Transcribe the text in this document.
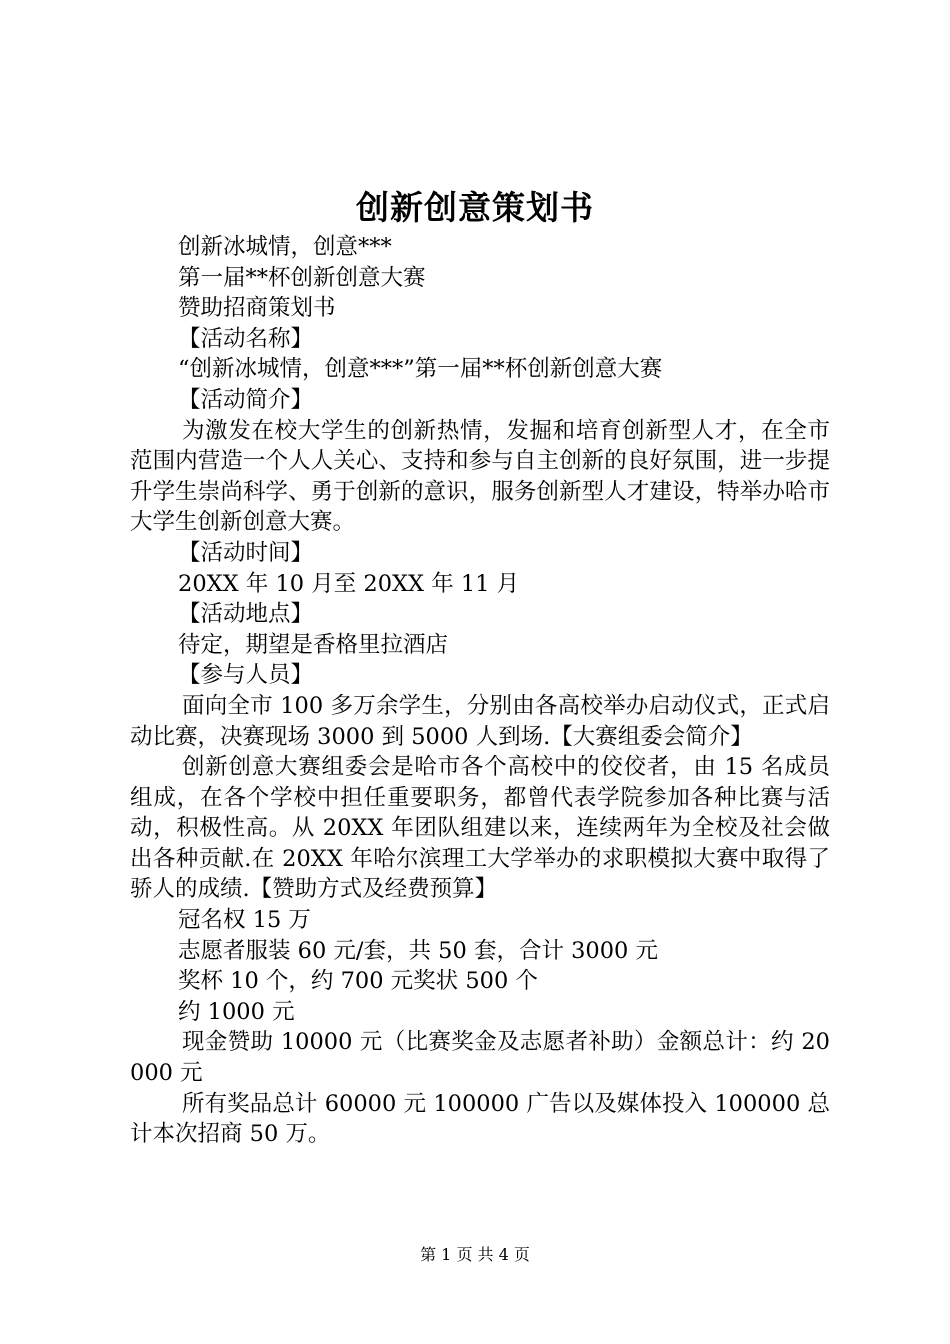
创新创意策划书
创新冰城情，创意***
第一届**杯创新创意大赛
赞助招商策划书
【活动名称】
“创新冰城情，创意***”第一届**杯创新创意大赛
【活动简介】
为激发在校大学生的创新热情，发掘和培育创新型人才，在全市范围内营造一个人人关心、支持和参与自主创新的良好氛围，进一步提升学生崇尚科学、勇于创新的意识，服务创新型人才建设，特举办哈市大学生创新创意大赛。
【活动时间】
20XX 年 10 月至 20XX 年 11 月
【活动地点】
待定，期望是香格里拉酒店
【参与人员】
面向全市 100 多万余学生，分别由各高校举办启动仪式，正式启动比赛，决赛现场 3000 到 5000 人到场.【大赛组委会简介】
创新创意大赛组委会是哈市各个高校中的佼佼者，由 15 名成员组成，在各个学校中担任重要职务，都曾代表学院参加各种比赛与活动，积极性高。从 20XX 年团队组建以来，连续两年为全校及社会做出各种贡献.在 20XX 年哈尔滨理工大学举办的求职模拟大赛中取得了骄人的成绩.【赞助方式及经费预算】
冠名权 15 万
志愿者服装 60 元/套，共 50 套，合计 3000 元
奖杯 10 个，约 700 元奖状 500 个
约 1000 元
现金赞助 10000 元（比赛奖金及志愿者补助）金额总计：约 20000 元
所有奖品总计 60000 元 100000 广告以及媒体投入 100000 总计本次招商 50 万。
第 1 页 共 4 页
